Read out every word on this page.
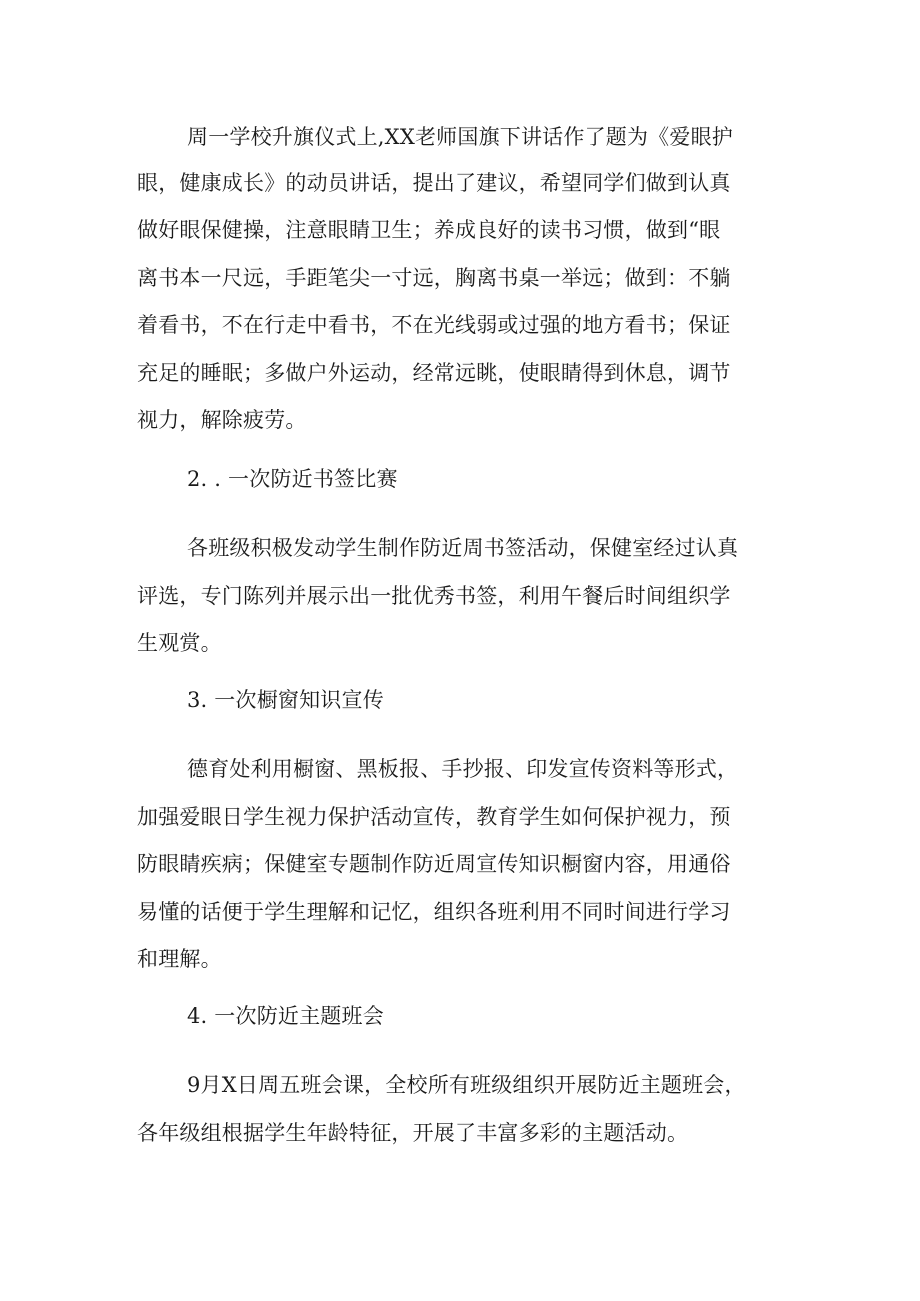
周一学校升旗仪式上,XX老师国旗下讲话作了题为《爱眼护
眼，健康成长》的动员讲话，提出了建议，希望同学们做到认真
做好眼保健操，注意眼睛卫生；养成良好的读书习惯，做到“眼
离书本一尺远，手距笔尖一寸远，胸离书桌一举远；做到：不躺
着看书，不在行走中看书，不在光线弱或过强的地方看书；保证
充足的睡眠；多做户外运动，经常远眺，使眼睛得到休息，调节
视力，解除疲劳。
2. . 一次防近书签比赛
各班级积极发动学生制作防近周书签活动，保健室经过认真
评选，专门陈列并展示出一批优秀书签，利用午餐后时间组织学
生观赏。
3. 一次橱窗知识宣传
德育处利用橱窗、黑板报、手抄报、印发宣传资料等形式，
加强爱眼日学生视力保护活动宣传，教育学生如何保护视力，预
防眼睛疾病；保健室专题制作防近周宣传知识橱窗内容，用通俗
易懂的话便于学生理解和记忆，组织各班利用不同时间进行学习
和理解。
4. 一次防近主题班会
9月X日周五班会课，全校所有班级组织开展防近主题班会，
各年级组根据学生年龄特征，开展了丰富多彩的主题活动。
